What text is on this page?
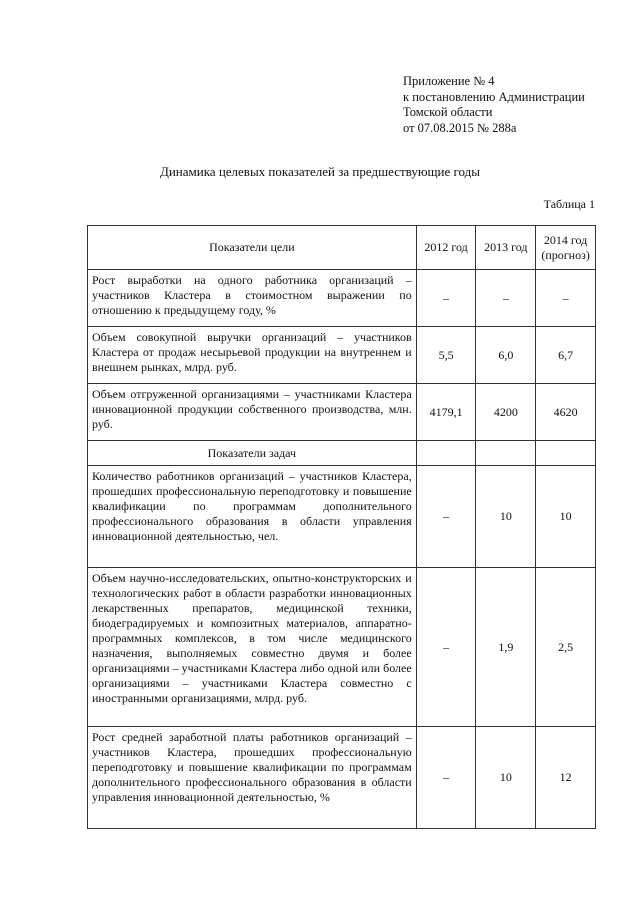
Приложение № 4
к постановлению Администрации
Томской области
от 07.08.2015 № 288а
Динамика целевых показателей за предшествующие годы
Таблица 1
Показатели цели	2012 год	2013 год	2014 год (прогноз)
Рост выработки на одного работника организаций – участников Кластера в стоимостном выражении по отношению к предыдущему году, %	–	–	–
Объем совокупной выручки организаций – участников Кластера от продаж несырьевой продукции на внутреннем и внешнем рынках, млрд. руб.	5,5	6,0	6,7
Объем отгруженной организациями – участниками Кластера инновационной продукции собственного производства, млн. руб.	4179,1	4200	4620
Показатели задач			
Количество работников организаций – участников Кластера, прошедших профессиональную переподготовку и повышение квалификации по программам дополнительного профессионального образования в области управления инновационной деятельностью, чел.	–	10	10
Объем научно-исследовательских, опытно-конструкторских и технологических работ в области разработки инновационных лекарственных препаратов, медицинской техники, биодеградируемых и композитных материалов, аппаратно-программных комплексов, в том числе медицинского назначения, выполняемых совместно двумя и более организациями – участниками Кластера либо одной или более организациями – участниками Кластера совместно с иностранными организациями, млрд. руб.	–	1,9	2,5
Рост средней заработной платы работников организаций – участников Кластера, прошедших профессиональную переподготовку и повышение квалификации по программам дополнительного профессионального образования в области управления инновационной деятельностью, %	–	10	12
